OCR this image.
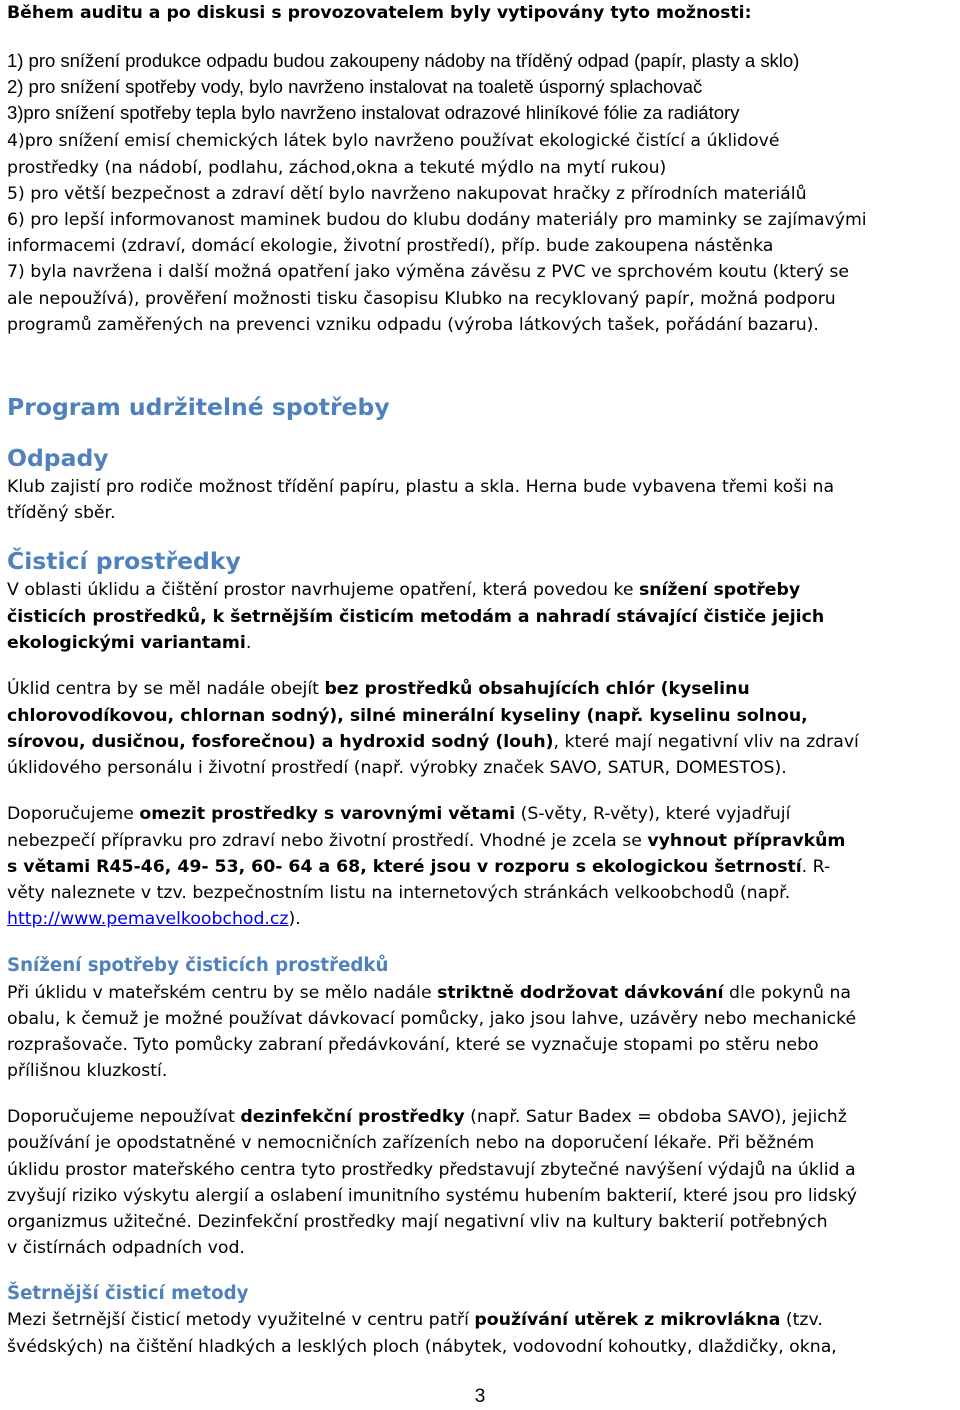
Během auditu a po diskusi s provozovatelem byly vytipovány tyto možnosti:
1) pro snížení produkce odpadu budou zakoupeny nádoby na tříděný odpad (papír, plasty a sklo)
2) pro snížení spotřeby vody, bylo navrženo instalovat na toaletě úsporný splachovač
3)pro snížení spotřeby tepla bylo navrženo instalovat odrazové hliníkové fólie za radiátory
4)pro snížení emisí chemických látek bylo navrženo používat ekologické čistící a úklidové
prostředky (na nádobí, podlahu, záchod,okna a tekuté mýdlo na mytí rukou)
5) pro větší bezpečnost a zdraví dětí bylo navrženo nakupovat hračky z přírodních materiálů
6) pro lepší informovanost maminek budou do klubu dodány materiály pro maminky se zajímavými
informacemi (zdraví, domácí ekologie, životní prostředí), příp. bude zakoupena nástěnka
7) byla navržena i další možná opatření jako výměna závěsu z PVC ve sprchovém koutu (který se
ale nepoužívá), prověření možnosti tisku časopisu Klubko na recyklovaný papír, možná podporu
programů zaměřených na prevenci vzniku odpadu (výroba látkových tašek, pořádání bazaru).
Program udržitelné spotřeby
Odpady
Klub zajistí pro rodiče možnost třídění papíru, plastu a skla. Herna bude vybavena třemi koši na
tříděný sběr.
Čisticí prostředky
V oblasti úklidu a čištění prostor navrhujeme opatření, která povedou ke snížení spotřeby
čisticích prostředků, k šetrnějším čisticím metodám a nahradí stávající čističe jejich
ekologickými variantami.
Úklid centra by se měl nadále obejít bez prostředků obsahujících chlór (kyselinu
chlorovodíkovou, chlornan sodný), silné minerální kyseliny (např. kyselinu solnou,
sírovou, dusičnou, fosforečnou) a hydroxid sodný (louh), které mají negativní vliv na zdraví
úklidového personálu i životní prostředí (např. výrobky značek SAVO, SATUR, DOMESTOS).
Doporučujeme omezit prostředky s varovnými větami (S-věty, R-věty), které vyjadřují
nebezpečí přípravku pro zdraví nebo životní prostředí. Vhodné je zcela se vyhnout přípravkům
s větami R45-46, 49- 53, 60- 64 a 68, které jsou v rozporu s ekologickou šetrností. R-
věty naleznete v tzv. bezpečnostním listu na internetových stránkách velkoobchodů (např.
http://www.pemavelkoobchod.cz).
Snížení spotřeby čisticích prostředků
Při úklidu v mateřském centru by se mělo nadále striktně dodržovat dávkování dle pokynů na
obalu, k čemuž je možné používat dávkovací pomůcky, jako jsou lahve, uzávěry nebo mechanické
rozprašovače. Tyto pomůcky zabraní předávkování, které se vyznačuje stopami po stěru nebo
přílišnou kluzkostí.
Doporučujeme nepoužívat dezinfekční prostředky (např. Satur Badex = obdoba SAVO), jejichž
používání je opodstatněné v nemocničních zařízeních nebo na doporučení lékaře. Při běžném
úklidu prostor mateřského centra tyto prostředky představují zbytečné navýšení výdajů na úklid a
zvyšují riziko výskytu alergií a oslabení imunitního systému hubením bakterií, které jsou pro lidský
organizmus užitečné. Dezinfekční prostředky mají negativní vliv na kultury bakterií potřebných
v čistírnách odpadních vod.
Šetrnější čisticí metody
Mezi šetrnější čisticí metody využitelné v centru patří používání utěrek z mikrovlákna (tzv.
švédských) na čištění hladkých a lesklých ploch (nábytek, vodovodní kohoutky, dlaždičky, okna,
3
